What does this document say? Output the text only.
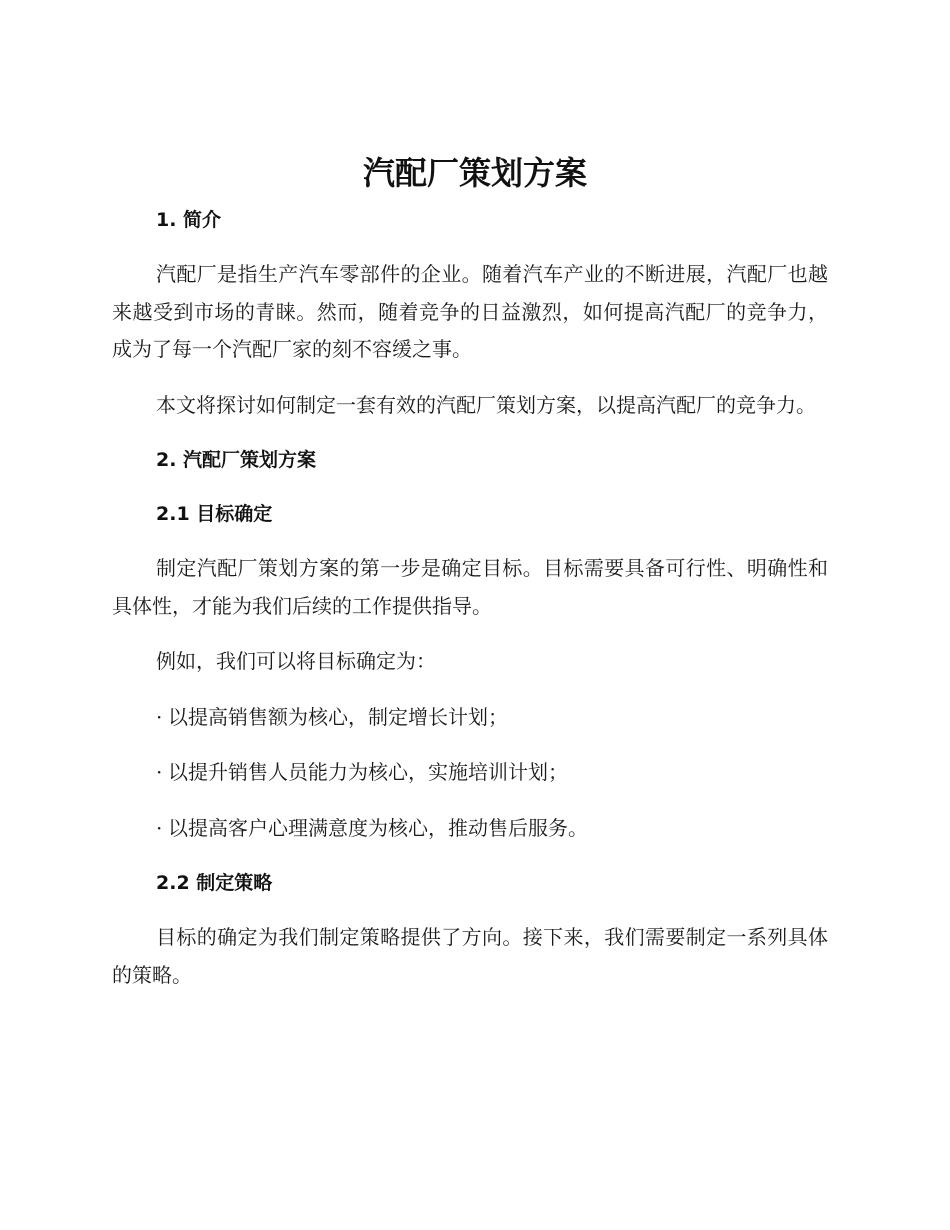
汽配厂策划方案
1. 简介

汽配厂是指生产汽车零部件的企业。随着汽车产业的不断进展，汽配厂也越来越受到市场的青睐。然而，随着竞争的日益激烈，如何提高汽配厂的竞争力，成为了每一个汽配厂家的刻不容缓之事。

本文将探讨如何制定一套有效的汽配厂策划方案，以提高汽配厂的竞争力。

2. 汽配厂策划方案
2.1 目标确定

制定汽配厂策划方案的第一步是确定目标。目标需要具备可行性、明确性和具体性，才能为我们后续的工作提供指导。

例如，我们可以将目标确定为：

· 以提高销售额为核心，制定增长计划；

· 以提升销售人员能力为核心，实施培训计划；

· 以提高客户心理满意度为核心，推动售后服务。

2.2 制定策略

目标的确定为我们制定策略提供了方向。接下来，我们需要制定一系列具体的策略。
